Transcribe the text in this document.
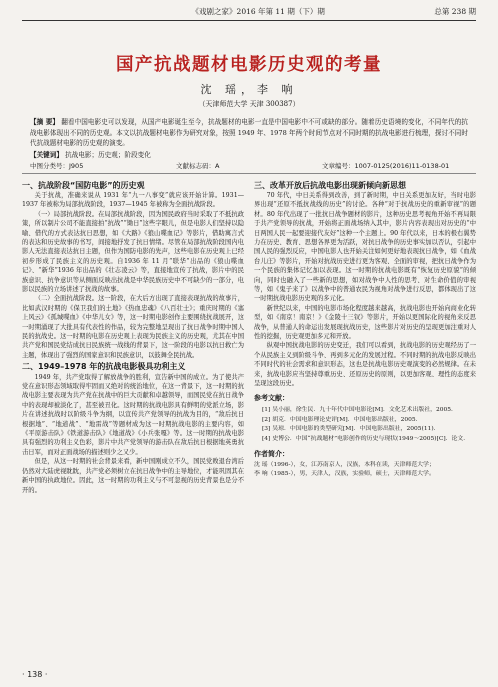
《戏剧之家》2016 年第 11 期（下）期	总第 238 期
国产抗战题材电影历史观的考量
沈 瑶，李 响
（天津师范大学 天津 300387）
【摘 要】 翻看中国电影史可以发现，从国产电影诞生至今，抗战题材的电影一直是中国电影中不可或缺的部分。随着历史语境的变化，不同年代的抗战电影体现出不同的历史观。本文以抗战题材电影作为研究对象，按照 1949 年、1978 年两个时间节点对不同时期的抗战电影进行梳理，探讨不同时代抗战题材电影的历史观的演变。
【关键词】 抗战电影；历史观；阶段变化
中图分类号：J905	文献标志码：A	文章编号：1007-0125(2016)11-0138-01
一、抗战阶段“国防电影”的历史观

关于抗战，准确来说从 1931 年“九一八事变”就应该开始计算。1931—1937 年被称为局部抗战阶段，1937—1945 年被称为全面抗战阶段。

（一）局部抗战阶段。在局部抗战阶段，因为国民政府当时采取了不抵抗政策，所以制片公司不能直接拍“抗战”“锄日”这些字眼儿，但是电影人们坚持以隐喻、借代的方式表达抗日思想，如《大路》《狼山喋血记》等影片，借助寓言式的表达和历史故事的书写，间接地抒发了抗日情绪。尽管在局部抗战阶段国内电影人无法直接表达抗日主题，但作为国防电影的先声，这些电影在历史观上已经初步形成了民族主义的历史观。自1936 年 11 月“联华”出品的《狼山喋血记》、“新华”1936 年出品的《壮志凌云》等，直接地宣传了抗战，影片中的民族意识、抗争意识等从侧面反映出抗战是中华民族历史中不可缺少的一部分，电影以民族的立场讲述了抗战的故事。

（二）全面抗战阶段。这一阶段，在大后方出现了直接表现抗战的故事片，比如武汉时期的《保卫我们的土地》《热血忠魂》《八百壮士》；重庆时期的《塞上风云》《孤城喋血》《中华儿女》等，这一时期电影创作主要围绕抗战展开，这一时期涌现了大批具有代表性的作品，较为完整地呈现出了抗日战争时期中国人民的抗战史。这一时期的电影在历史观上表现为民族主义的历史观，尤其在中国共产党和国民党结成抗日民族统一战线的背景下，这一阶段的电影以抗日救亡为主题，体现出了强烈的国家意识和民族意识，以鼓舞全民抗战。

二、1949–1978 年的抗战电影极具功利主义

1949 年，共产党取得了解放战争的胜利，宣告新中国的成立。为了使共产党在意识形态领域取得牢固而又绝对的统治地位，在这一背景下，这一时期的抗战电影主要表现为共产党在抗战中的巨大贡献和卓越领导，而国民党在抗日战争中的表现却被淡化了，甚至被丑化。这时期的抗战电影具有鲜明的党派立场，影片在讲述抗战时以阶级斗争为纲，以宣传共产党领导的抗战为目的，“敌后抗日根据地”、“地道战”、“地雷战”等题材成为这一时期抗战电影的主要内容，如《平原游击队》《铁道游击队》《地道战》《小兵张嘎》等。这一时期的抗战电影具有强烈的功利主义色彩，影片中共产党领导的游击队在敌后抗日根据地英勇抗击日军，而对正面战场的描述则少之又少。

但是，从这一时期的社会背景来看，新中国刚成立不久，国民党败退台湾后仍然对大陆虎视眈眈，共产党必须树立在抗日战争中的主导地位，才能巩固其在新中国的执政地位。因此，这一时期的功利主义与不可忽视的历史背景也是分不开的。

三、改革开放后抗战电影出现新倾向新思想

70 年代，中日关系得到改善，到了新时期，中日关系更加友好，当时电影界出现“还原不抵抗战线的历史”的讨论。各种“对于抗战历史的重新审视”的题材。80 年代出现了一批抗日战争题材的影片，这种历史思考视角开始不再局限于共产党领导的抗战，开始将正面战场纳入其中，影片内容表现出对历史的“中日两国人民一起要迎接代友好”这种一个主题上。90 年代以来，日本的极右翼势力在历史、教育、思想各界更为活跃，对抗日战争的历史事实加以否认，引起中国人民的强烈反应，中国电影人也开始关注如何更好地表现抗日战争，如《血战台儿庄》等影片，开始对抗战历史进行更为客观、全面的审视，把抗日战争作为一个民族的集体记忆加以表现。这一时期的抗战电影既有“恢复历史原貌”的倾向，同时也融入了一些新的思想，如对战争中人性的思考、对生命价值的审视等，如《鬼子来了》以战争中的普通农民为视角对战争进行反思，都体现出了这一时期抗战电影历史观的多元化。

新世纪以来，中国的电影市场化程度越来越高，抗战电影也开始向商业化转型，如《南京！南京！》《金陵十三钗》等影片，开始以更国际化的视角来反思战争，从普通人的命运出发展现抗战历史，这些影片对历史的呈现更加注重对人性的挖掘，历史观更加多元和开放。

纵观中国抗战电影的历史变迁，我们可以看到，抗战电影的历史观经历了一个从民族主义到阶级斗争、再到多元化的发展过程。不同时期的抗战电影反映出不同时代的社会需求和意识形态，这也是抗战电影历史观演变的必然规律。在未来，抗战电影应当坚持尊重历史、还原历史的原则，以更加客观、理性的态度来呈现这段历史。

参考文献：
[1] 吴小丽，徐生民．九十年代中国电影论[M]．文化艺术出版社，2005.
[2] 胡克．中国电影理论史评[M]．中国电影出版社，2005.
[3] 吴琼．中国电影的类型研究[M]．中国电影出版社，2005(11).
[4] 史博公．中国“抗战题材”电影创作的历史与现状(1949～2005)[C]．论文．
作者简介：
沈 瑶（1996-），女，江苏南京人，汉族，本科在读，天津师范大学；
李 响（1985-），男，天津人，汉族，实验师，硕士，天津师范大学。
· 138 ·
